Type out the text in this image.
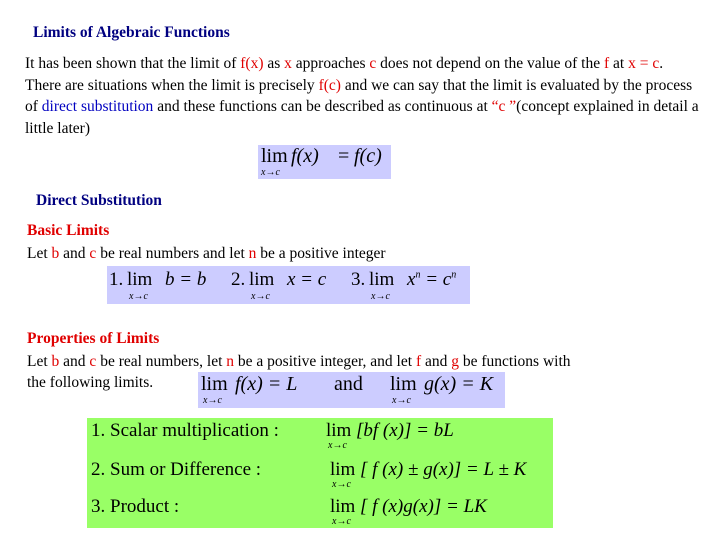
Limits of Algebraic Functions
It has been shown that the limit of f(x) as x approaches c does not depend on the value of the f at x = c. There are situations when the limit is precisely f(c) and we can say that the limit is evaluated by the process of direct substitution and these functions can be described as continuous at “c ”(concept explained in detail a little later)
lim
x→c
f(x) = f(c)
Direct Substitution
Basic Limits
Let b and c be real numbers and let n be a positive integer
1. lim
x→c
b = b 2. lim
x→c
x = c 3. lim
x→c
$x^n = c^n$
Properties of Limits
Let b and c be real numbers, let n be a positive integer, and let f and g be functions with
the following limits. lim
x→c
f(x) = L and lim
x→c
g(x) = K
1. Scalar multiplication : lim
x→c
[bf (x)] = bL
2. Sum or Difference :	lim
x→c
[ f (x) ± g(x)] = L ± K
3. Product :	lim
x→c
[ f (x)g(x)] = LK
